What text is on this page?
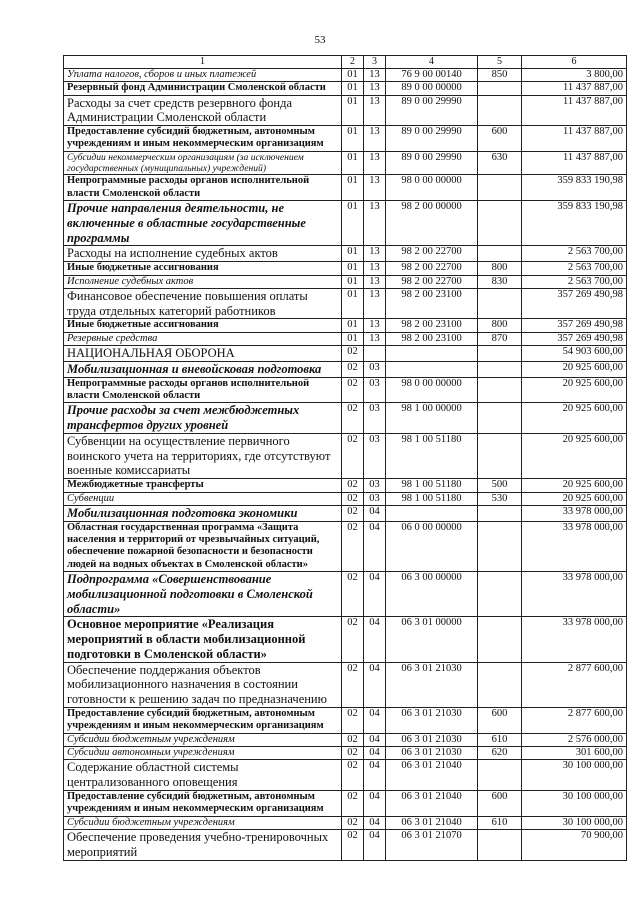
53
1	2	3	4	5	6
Уплата налогов, сборов и иных платежей	01	13	76 9 00 00140	850	3 800,00
Резервный фонд Администрации Смоленской области	01	13	89 0 00 00000		11 437 887,00
Расходы за счет средств резервного фонда Администрации Смоленской области	01	13	89 0 00 29990		11 437 887,00
Предоставление субсидий бюджетным, автономным учреждениям и иным некоммерческим организациям	01	13	89 0 00 29990	600	11 437 887,00
Субсидии некоммерческим организациям (за исключением государственных (муниципальных) учреждений)	01	13	89 0 00 29990	630	11 437 887,00
Непрограммные расходы органов исполнительной власти Смоленской области	01	13	98 0 00 00000		359 833 190,98
Прочие направления деятельности, не включенные в областные государственные программы	01	13	98 2 00 00000		359 833 190,98
Расходы на исполнение судебных актов	01	13	98 2 00 22700		2 563 700,00
Иные бюджетные ассигнования	01	13	98 2 00 22700	800	2 563 700,00
Исполнение судебных актов	01	13	98 2 00 22700	830	2 563 700,00
Финансовое обеспечение повышения оплаты труда отдельных категорий работников	01	13	98 2 00 23100		357 269 490,98
Иные бюджетные ассигнования	01	13	98 2 00 23100	800	357 269 490,98
Резервные средства	01	13	98 2 00 23100	870	357 269 490,98
НАЦИОНАЛЬНАЯ ОБОРОНА	02				54 903 600,00
Мобилизационная и вневойсковая подготовка	02	03			20 925 600,00
Непрограммные расходы органов исполнительной власти Смоленской области	02	03	98 0 00 00000		20 925 600,00
Прочие расходы за счет межбюджетных трансфертов других уровней	02	03	98 1 00 00000		20 925 600,00
Субвенции на осуществление первичного воинского учета на территориях, где отсутствуют военные комиссариаты	02	03	98 1 00 51180		20 925 600,00
Межбюджетные трансферты	02	03	98 1 00 51180	500	20 925 600,00
Субвенции	02	03	98 1 00 51180	530	20 925 600,00
Мобилизационная подготовка экономики	02	04			33 978 000,00
Областная государственная программа «Защита населения и территорий от чрезвычайных ситуаций, обеспечение пожарной безопасности и безопасности людей на водных объектах в Смоленской области»	02	04	06 0 00 00000		33 978 000,00
Подпрограмма «Совершенствование мобилизационной подготовки в Смоленской области»	02	04	06 3 00 00000		33 978 000,00
Основное мероприятие «Реализация мероприятий в области мобилизационной подготовки в Смоленской области»	02	04	06 3 01 00000		33 978 000,00
Обеспечение поддержания объектов мобилизационного назначения в состоянии готовности к решению задач по предназначению	02	04	06 3 01 21030		2 877 600,00
Предоставление субсидий бюджетным, автономным учреждениям и иным некоммерческим организациям	02	04	06 3 01 21030	600	2 877 600,00
Субсидии бюджетным учреждениям	02	04	06 3 01 21030	610	2 576 000,00
Субсидии автономным учреждениям	02	04	06 3 01 21030	620	301 600,00
Содержание областной системы централизованного оповещения	02	04	06 3 01 21040		30 100 000,00
Предоставление субсидий бюджетным, автономным учреждениям и иным некоммерческим организациям	02	04	06 3 01 21040	600	30 100 000,00
Субсидии бюджетным учреждениям	02	04	06 3 01 21040	610	30 100 000,00
Обеспечение проведения учебно-тренировочных мероприятий	02	04	06 3 01 21070		70 900,00
